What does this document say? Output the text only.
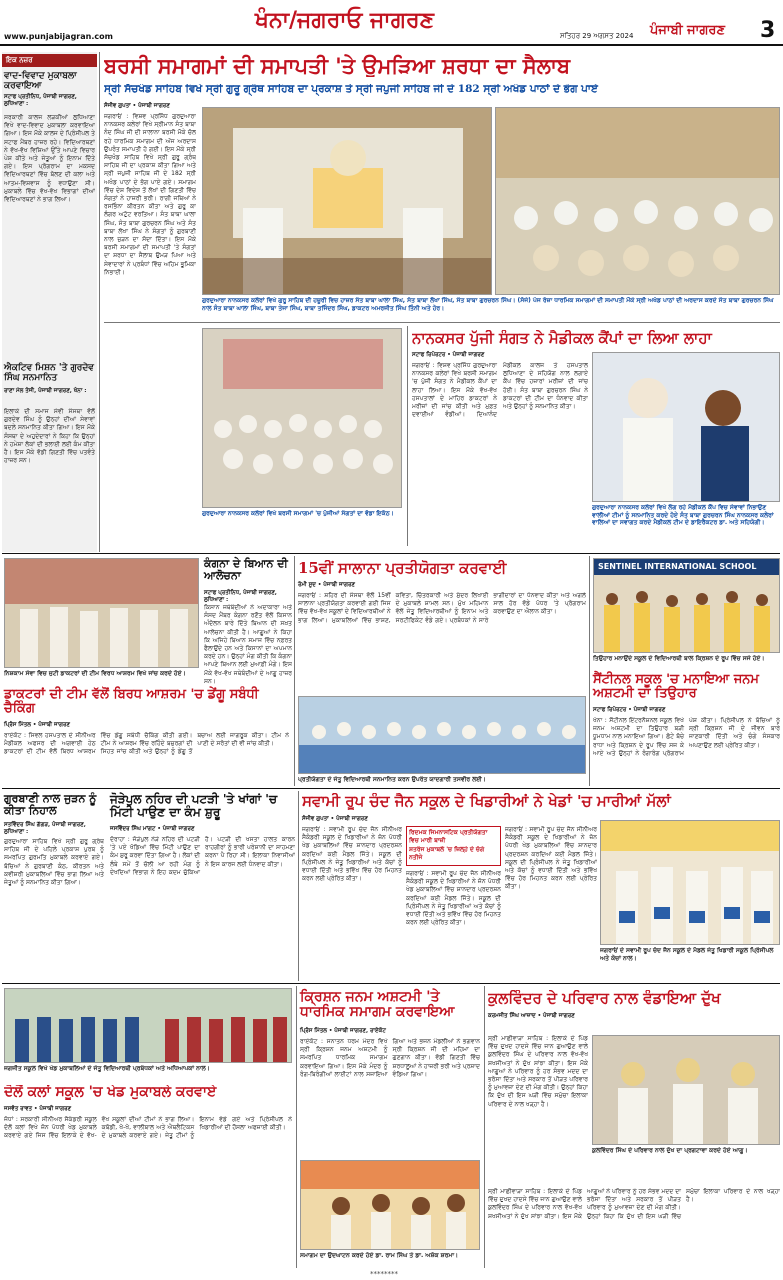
www.punjabijagran.com
ਖੰਨਾ/ਜਗਰਾਓ ਜਾਗਰਣ
ਸਤਿਹਰ 29 ਅਗਸਤ 2024 ਪੰਜਾਬੀ ਜਾਗਰਣ 3
ਇਕ ਨਜ਼ਰ
ਵਾਦ-ਵਿਵਾਦ ਮੁਕਾਬਲਾ ਕਰਵਾਇਆ
ਸਟਾਫ ਪ੍ਰਤੀਨਿਧ, ਪੰਜਾਬੀ ਜਾਗਰਣ, ਲੁਧਿਆਣਾ :
ਸਰਕਾਰੀ ਕਾਲਜ ਲੜਕੀਆਂ ਲੁਧਿਆਣਾ ਵਿਖੇ ਵਾਦ-ਵਿਵਾਦ ਮੁਕਾਬਲਾ ਕਰਵਾਇਆ ਗਿਆ। ਇਸ ਮੌਕੇ ਕਾਲਜ ਦੇ ਪ੍ਰਿੰਸੀਪਲ ਤੇ ਸਟਾਫ ਮੈਂਬਰ ਹਾਜ਼ਰ ਰਹੇ। ਵਿਦਿਆਰਥਣਾਂ ਨੇ ਵੱਖ-ਵੱਖ ਵਿਸ਼ਿਆਂ ਉੱਤੇ ਆਪਣੇ ਵਿਚਾਰ ਪੇਸ਼ ਕੀਤੇ ਅਤੇ ਜੇਤੂਆਂ ਨੂੰ ਇਨਾਮ ਦਿੱਤੇ ਗਏ। ਇਸ ਪ੍ਰੋਗਰਾਮ ਦਾ ਮਕਸਦ ਵਿਦਿਆਰਥਣਾਂ ਵਿੱਚ ਬੋਲਣ ਦੀ ਕਲਾ ਅਤੇ ਆਤਮ-ਵਿਸ਼ਵਾਸ ਨੂੰ ਵਧਾਉਣਾ ਸੀ। ਮੁਕਾਬਲੇ ਵਿੱਚ ਵੱਖ-ਵੱਖ ਵਿਭਾਗਾਂ ਦੀਆਂ ਵਿਦਿਆਰਥਣਾਂ ਨੇ ਭਾਗ ਲਿਆ।
ਐਕਟਿਵ ਮਿਸ਼ਨ 'ਤੇ ਗੁਰਦੇਵ ਸਿੰਘ ਸਨਮਾਨਿਤ
ਰਾਣਾ ਮੱਲ ਤੇਜੀ, ਪੰਜਾਬੀ ਜਾਗਰਣ, ਖੰਨਾ :
ਇਲਾਕੇ ਦੀ ਸਮਾਜ ਸੇਵੀ ਸੰਸਥਾ ਵੱਲੋਂ ਗੁਰਦੇਵ ਸਿੰਘ ਨੂੰ ਉਨ੍ਹਾਂ ਦੀਆਂ ਸੇਵਾਵਾਂ ਬਦਲੇ ਸਨਮਾਨਿਤ ਕੀਤਾ ਗਿਆ। ਇਸ ਮੌਕੇ ਸੰਸਥਾ ਦੇ ਅਹੁਦੇਦਾਰਾਂ ਨੇ ਕਿਹਾ ਕਿ ਉਨ੍ਹਾਂ ਨੇ ਹਮੇਸ਼ਾ ਲੋਕਾਂ ਦੀ ਭਲਾਈ ਲਈ ਕੰਮ ਕੀਤਾ ਹੈ। ਇਸ ਮੌਕੇ ਵੱਡੀ ਗਿਣਤੀ ਵਿੱਚ ਪਤਵੰਤੇ ਹਾਜ਼ਰ ਸਨ।
ਬਰਸੀ ਸਮਾਗਮਾਂ ਦੀ ਸਮਾਪਤੀ 'ਤੇ ਉਮੜਿਆ ਸ਼ਰਧਾ ਦਾ ਸੈਲਾਬ
ਸ੍ਰੀ ਸੱਚਖੰਡ ਸਾਹਿਬ ਵਿਖੇ ਸ੍ਰੀ ਗੁਰੂ ਗ੍ਰੰਥ ਸਾਹਿਬ ਦਾ ਪ੍ਰਕਾਸ਼ ਤੇ ਸ੍ਰੀ ਜਪੁਜੀ ਸਾਹਿਬ ਜੀ ਦੇ 182 ਸ੍ਰੀ ਅਖੰਡ ਪਾਠਾਂ ਦੇ ਭੋਗ ਪਾਏ
ਸੰਜੀਵ ਗੁਪਤਾ • ਪੰਜਾਬੀ ਜਾਗਰਣ
ਜਗਰਾਓਂ : ਵਿਸ਼ਵ ਪ੍ਰਸਿੱਧ ਗੁਰਦੁਆਰਾ ਨਾਨਕਸਰ ਕਲੇਰਾਂ ਵਿਖੇ ਸ੍ਰੀਮਾਨ ਸੰਤ ਬਾਬਾ ਨੰਦ ਸਿੰਘ ਜੀ ਦੀ ਸਾਲਾਨਾ ਬਰਸੀ ਮੌਕੇ ਚੱਲ ਰਹੇ ਧਾਰਮਿਕ ਸਮਾਗਮ ਦੀ ਅੱਜ ਅਰਦਾਸ ਉਪਰੰਤ ਸਮਾਪਤੀ ਹੋ ਗਈ। ਇਸ ਮੌਕੇ ਸ੍ਰੀ ਸੱਚਖੰਡ ਸਾਹਿਬ ਵਿਖੇ ਸ੍ਰੀ ਗੁਰੂ ਗ੍ਰੰਥ ਸਾਹਿਬ ਜੀ ਦਾ ਪ੍ਰਕਾਸ਼ ਕੀਤਾ ਗਿਆ ਅਤੇ ਸ੍ਰੀ ਜਪੁਜੀ ਸਾਹਿਬ ਜੀ ਦੇ 182 ਸ੍ਰੀ ਅਖੰਡ ਪਾਠਾਂ ਦੇ ਭੋਗ ਪਾਏ ਗਏ। ਸਮਾਗਮ ਵਿੱਚ ਦੇਸ਼ ਵਿਦੇਸ਼ ਤੋਂ ਲੱਖਾਂ ਦੀ ਗਿਣਤੀ ਵਿੱਚ ਸੰਗਤਾਂ ਨੇ ਹਾਜ਼ਰੀ ਭਰੀ। ਰਾਗੀ ਜਥਿਆਂ ਨੇ ਰਸਭਿੰਨਾ ਕੀਰਤਨ ਕੀਤਾ ਅਤੇ ਗੁਰੂ ਕਾ ਲੰਗਰ ਅਟੁੱਟ ਵਰਤਿਆ। ਸੰਤ ਬਾਬਾ ਘਾਲਾ ਸਿੰਘ, ਸੰਤ ਬਾਬਾ ਗੁਰਚਰਨ ਸਿੰਘ ਅਤੇ ਸੰਤ ਬਾਬਾ ਲੱਖਾ ਸਿੰਘ ਨੇ ਸੰਗਤਾਂ ਨੂੰ ਗੁਰਬਾਣੀ ਨਾਲ ਜੁੜਨ ਦਾ ਸੱਦਾ ਦਿੱਤਾ। ਇਸ ਮੌਕੇ ਬਰਸੀ ਸਮਾਗਮਾਂ ਦੀ ਸਮਾਪਤੀ 'ਤੇ ਸੰਗਤਾਂ ਦਾ ਸ਼ਰਧਾ ਦਾ ਸੈਲਾਬ ਉਮੜ ਪਿਆ ਅਤੇ ਸੇਵਾਦਾਰਾਂ ਨੇ ਪ੍ਰਬੰਧਾਂ ਵਿੱਚ ਅਹਿਮ ਭੂਮਿਕਾ ਨਿਭਾਈ।
ਗੁਰਦੁਆਰਾ ਨਾਨਕਸਰ ਕਲੇਰਾਂ ਵਿਖੇ ਗੁਰੂ ਸਾਹਿਬ ਦੀ ਹਜ਼ੂਰੀ ਵਿਚ ਹਾਜ਼ਰ ਸੰਤ ਬਾਬਾ ਘਾਲਾ ਸਿੰਘ, ਸੰਤ ਬਾਬਾ ਲੱਖਾ ਸਿੰਘ, ਸੰਤ ਬਾਬਾ ਗੁਰਚਰਨ ਸਿੰਘ। (ਸੱਜੇ) ਪੰਜ ਰੋਜ਼ਾ ਧਾਰਮਿਕ ਸਮਾਗਮਾਂ ਦੀ ਸਮਾਪਤੀ ਮੌਕੇ ਸ੍ਰੀ ਅਖੰਡ ਪਾਠਾਂ ਦੀ ਅਰਦਾਸ ਕਰਦੇ ਸੰਤ ਬਾਬਾ ਗੁਰਚਰਨ ਸਿੰਘ ਨਾਲ ਸੰਤ ਬਾਬਾ ਘਾਲਾ ਸਿੰਘ, ਬਾਬਾ ਤੇਜਾ ਸਿੰਘ, ਬਾਬਾ ਤਜਿੰਦਰ ਸਿੰਘ, ਡਾਕਟਰ ਅਮਰਜੀਤ ਸਿੰਘ ਤਿੰਨੀ ਅਤੇ ਹੋਰ।
ਗੁਰਦੁਆਰਾ ਨਾਨਕਸਰ ਕਲੇਰਾਂ ਵਿਖੇ ਬਰਸੀ ਸਮਾਗਮਾਂ 'ਚ ਪੁੱਜੀਆਂ ਸੰਗਤਾਂ ਦਾ ਵੱਡਾ ਇਕੱਠ।
ਨਾਨਕਸਰ ਪੁੱਜੀ ਸੰਗਤ ਨੇ ਮੈਡੀਕਲ ਕੈਂਪਾਂ ਦਾ ਲਿਆ ਲਾਹਾ
ਸਟਾਫ ਰਿਪੋਰਟਰ • ਪੰਜਾਬੀ ਜਾਗਰਣ
ਜਗਰਾਓਂ : ਵਿਸ਼ਵ ਪ੍ਰਸਿੱਧ ਗੁਰਦੁਆਰਾ ਨਾਨਕਸਰ ਕਲੇਰਾਂ ਵਿਖੇ ਬਰਸੀ ਸਮਾਗਮ 'ਚ ਪੁੱਜੀ ਸੰਗਤ ਨੇ ਮੈਡੀਕਲ ਕੈਂਪਾਂ ਦਾ ਲਾਹਾ ਲਿਆ। ਇਸ ਮੌਕੇ ਵੱਖ-ਵੱਖ ਹਸਪਤਾਲਾਂ ਦੇ ਮਾਹਿਰ ਡਾਕਟਰਾਂ ਨੇ ਮਰੀਜ਼ਾਂ ਦੀ ਜਾਂਚ ਕੀਤੀ ਅਤੇ ਮੁਫ਼ਤ ਦਵਾਈਆਂ ਵੰਡੀਆਂ। ਦਿਆਨੰਦ ਮੈਡੀਕਲ ਕਾਲਜ ਤੇ ਹਸਪਤਾਲ ਲੁਧਿਆਣਾ ਦੇ ਸਹਿਯੋਗ ਨਾਲ ਲਗਾਏ ਕੈਂਪ ਵਿੱਚ ਹਜ਼ਾਰਾਂ ਮਰੀਜ਼ਾਂ ਦੀ ਜਾਂਚ ਹੋਈ। ਸੰਤ ਬਾਬਾ ਗੁਰਚਰਨ ਸਿੰਘ ਨੇ ਡਾਕਟਰਾਂ ਦੀ ਟੀਮ ਦਾ ਧੰਨਵਾਦ ਕੀਤਾ ਅਤੇ ਉਨ੍ਹਾਂ ਨੂੰ ਸਨਮਾਨਿਤ ਕੀਤਾ।
ਗੁਰਦੁਆਰਾ ਨਾਨਕਸਰ ਕਲੇਰਾਂ ਵਿਖੇ ਲੱਗ ਰਹੇ ਮੈਡੀਕਲ ਕੈਂਪ ਵਿਚ ਸੇਵਾਵਾਂ ਨਿਭਾਉਣ ਵਾਲੀਆਂ ਟੀਮਾਂ ਨੂੰ ਸਨਮਾਨਿਤ ਕਰਦੇ ਹੋਏ ਸੰਤ ਬਾਬਾ ਗੁਰਚਰਨ ਸਿੰਘ ਨਾਨਕਸਰ ਕਲੇਰਾਂ ਵਾਲਿਆਂ ਦਾ ਸਵਾਗਤ ਕਰਦੇ ਮੈਡੀਕਲ ਟੀਮ ਦੇ ਡਾਇਰੈਕਟਰ ਡਾ. ਅਤੇ ਸਹਿਯੋਗੀ।
ਨਿਸ਼ਕਾਮ ਸੇਵਾ ਵਿਚ ਜੁਟੀ ਡਾਕਟਰਾਂ ਦੀ ਟੀਮ ਵਿਰਧ ਆਸ਼ਰਮ ਵਿਖੇ ਜਾਂਚ ਕਰਦੇ ਹੋਏ।
ਡਾਕਟਰਾਂ ਦੀ ਟੀਮ ਵੱਲੋਂ ਬਿਰਧ ਆਸ਼ਰਮ 'ਚ ਡੇਂਗੂ ਸਬੰਧੀ ਚੈਕਿੰਗ
ਪ੍ਰਿੰਸ ਮਿੱਤਲ • ਪੰਜਾਬੀ ਜਾਗਰਣ
ਰਾਏਕੋਟ : ਸਿਵਲ ਹਸਪਤਾਲ ਦੇ ਸੀਨੀਅਰ ਮੈਡੀਕਲ ਅਫਸਰ ਦੀ ਅਗਵਾਈ ਹੇਠ ਡਾਕਟਰਾਂ ਦੀ ਟੀਮ ਵੱਲੋਂ ਬਿਰਧ ਆਸ਼ਰਮ ਵਿੱਚ ਡੇਂਗੂ ਸਬੰਧੀ ਚੈਕਿੰਗ ਕੀਤੀ ਗਈ। ਟੀਮ ਨੇ ਆਸ਼ਰਮ ਵਿੱਚ ਰਹਿੰਦੇ ਬਜ਼ੁਰਗਾਂ ਦੀ ਸਿਹਤ ਜਾਂਚ ਕੀਤੀ ਅਤੇ ਉਨ੍ਹਾਂ ਨੂੰ ਡੇਂਗੂ ਤੋਂ ਬਚਾਅ ਲਈ ਜਾਗਰੂਕ ਕੀਤਾ। ਟੀਮ ਨੇ ਪਾਣੀ ਦੇ ਸਰੋਤਾਂ ਦੀ ਵੀ ਜਾਂਚ ਕੀਤੀ।
ਕੰਗਨਾ ਦੇ ਬਿਆਨ ਦੀ ਆਲੋਚਨਾ
ਸਟਾਫ ਪ੍ਰਤੀਨਿਧ, ਪੰਜਾਬੀ ਜਾਗਰਣ, ਲੁਧਿਆਣਾ :
ਕਿਸਾਨ ਜਥੇਬੰਦੀਆਂ ਨੇ ਅਦਾਕਾਰਾ ਅਤੇ ਸੰਸਦ ਮੈਂਬਰ ਕੰਗਨਾ ਰਣੌਤ ਵੱਲੋਂ ਕਿਸਾਨ ਅੰਦੋਲਨ ਬਾਰੇ ਦਿੱਤੇ ਬਿਆਨ ਦੀ ਸਖ਼ਤ ਆਲੋਚਨਾ ਕੀਤੀ ਹੈ। ਆਗੂਆਂ ਨੇ ਕਿਹਾ ਕਿ ਅਜਿਹੇ ਬਿਆਨ ਸਮਾਜ ਵਿੱਚ ਨਫ਼ਰਤ ਫੈਲਾਉਂਦੇ ਹਨ ਅਤੇ ਕਿਸਾਨਾਂ ਦਾ ਅਪਮਾਨ ਕਰਦੇ ਹਨ। ਉਨ੍ਹਾਂ ਮੰਗ ਕੀਤੀ ਕਿ ਕੰਗਨਾ ਆਪਣੇ ਬਿਆਨ ਲਈ ਮੁਆਫ਼ੀ ਮੰਗੇ। ਇਸ ਮੌਕੇ ਵੱਖ-ਵੱਖ ਜਥੇਬੰਦੀਆਂ ਦੇ ਆਗੂ ਹਾਜ਼ਰ ਸਨ।
15ਵੀਂ ਸਾਲਾਨਾ ਪ੍ਰਤੀਯੋਗਤਾ ਕਰਵਾਈ
ਰੋਮੀ ਸੂਦ • ਪੰਜਾਬੀ ਜਾਗਰਣ
ਜਗਰਾਓਂ : ਸ਼ਹਿਰ ਦੀ ਸੰਸਥਾ ਵੱਲੋਂ 15ਵੀਂ ਸਾਲਾਨਾ ਪ੍ਰਤੀਯੋਗਤਾ ਕਰਵਾਈ ਗਈ ਜਿਸ ਵਿੱਚ ਵੱਖ-ਵੱਖ ਸਕੂਲਾਂ ਦੇ ਵਿਦਿਆਰਥੀਆਂ ਨੇ ਭਾਗ ਲਿਆ। ਮੁਕਾਬਲਿਆਂ ਵਿੱਚ ਭਾਸ਼ਣ, ਕਵਿਤਾ, ਚਿੱਤਰਕਾਰੀ ਅਤੇ ਸੁੰਦਰ ਲਿਖਾਈ ਦੇ ਮੁਕਾਬਲੇ ਸ਼ਾਮਲ ਸਨ। ਮੁੱਖ ਮਹਿਮਾਨ ਵੱਲੋਂ ਜੇਤੂ ਵਿਦਿਆਰਥੀਆਂ ਨੂੰ ਇਨਾਮ ਅਤੇ ਸਰਟੀਫਿਕੇਟ ਵੰਡੇ ਗਏ। ਪ੍ਰਬੰਧਕਾਂ ਨੇ ਸਾਰੇ ਭਾਗੀਦਾਰਾਂ ਦਾ ਧੰਨਵਾਦ ਕੀਤਾ ਅਤੇ ਅਗਲੇ ਸਾਲ ਹੋਰ ਵੱਡੇ ਪੱਧਰ 'ਤੇ ਪ੍ਰੋਗਰਾਮ ਕਰਵਾਉਣ ਦਾ ਐਲਾਨ ਕੀਤਾ।
ਪ੍ਰਤੀਯੋਗਤਾ ਦੇ ਜੇਤੂ ਵਿਦਿਆਰਥੀ ਸਨਮਾਨਿਤ ਕਰਨ ਉਪਰੰਤ ਯਾਦਗਾਰੀ ਤਸਵੀਰ ਲਈ।
SENTINEL INTERNATIONAL SCHOOL
ਤਿਉਹਾਰ ਮਨਾਉਂਦੇ ਸਕੂਲ ਦੇ ਵਿਦਿਆਰਥੀ ਬਾਲ ਕ੍ਰਿਸ਼ਨ ਦੇ ਰੂਪ ਵਿੱਚ ਸਜੇ ਹੋਏ।
ਸੈਂਟੀਨਲ ਸਕੂਲ 'ਚ ਮਨਾਇਆ ਜਨਮ ਅਸ਼ਟਮੀ ਦਾ ਤਿਉਹਾਰ
ਸਟਾਫ ਰਿਪੋਰਟਰ • ਪੰਜਾਬੀ ਜਾਗਰਣ
ਖੰਨਾ : ਸੈਂਟੀਨਲ ਇੰਟਰਨੈਸ਼ਨਲ ਸਕੂਲ ਵਿਖੇ ਜਨਮ ਅਸ਼ਟਮੀ ਦਾ ਤਿਉਹਾਰ ਬੜੀ ਧੂਮਧਾਮ ਨਾਲ ਮਨਾਇਆ ਗਿਆ। ਛੋਟੇ ਬੱਚੇ ਰਾਧਾ ਅਤੇ ਕ੍ਰਿਸ਼ਨ ਦੇ ਰੂਪ ਵਿੱਚ ਸਜ ਕੇ ਆਏ ਅਤੇ ਉਨ੍ਹਾਂ ਨੇ ਰੰਗਾਰੰਗ ਪ੍ਰੋਗਰਾਮ ਪੇਸ਼ ਕੀਤਾ। ਪ੍ਰਿੰਸੀਪਲ ਨੇ ਬੱਚਿਆਂ ਨੂੰ ਸ੍ਰੀ ਕ੍ਰਿਸ਼ਨ ਜੀ ਦੇ ਜੀਵਨ ਬਾਰੇ ਜਾਣਕਾਰੀ ਦਿੱਤੀ ਅਤੇ ਚੰਗੇ ਸੰਸਕਾਰ ਅਪਣਾਉਣ ਲਈ ਪ੍ਰੇਰਿਤ ਕੀਤਾ।
ਗੁਰਬਾਣੀ ਨਾਲ ਜੁੜਨ ਨੂੰ ਕੀਤਾ ਨਿਹਾਲ
ਸਤਵਿੰਦਰ ਸਿੰਘ ਗੱਗੜ, ਪੰਜਾਬੀ ਜਾਗਰਣ, ਲੁਧਿਆਣਾ :
ਗੁਰਦੁਆਰਾ ਸਾਹਿਬ ਵਿਖੇ ਸ੍ਰੀ ਗੁਰੂ ਗ੍ਰੰਥ ਸਾਹਿਬ ਜੀ ਦੇ ਪਹਿਲੇ ਪ੍ਰਕਾਸ਼ ਪੁਰਬ ਨੂੰ ਸਮਰਪਿਤ ਗੁਰਮਤਿ ਮੁਕਾਬਲੇ ਕਰਵਾਏ ਗਏ। ਬੱਚਿਆਂ ਨੇ ਗੁਰਬਾਣੀ ਕੰਠ, ਕੀਰਤਨ ਅਤੇ ਕਵੀਸ਼ਰੀ ਮੁਕਾਬਲਿਆਂ ਵਿੱਚ ਭਾਗ ਲਿਆ ਅਤੇ ਜੇਤੂਆਂ ਨੂੰ ਸਨਮਾਨਿਤ ਕੀਤਾ ਗਿਆ।
ਜੋੜੇਪੁਲ ਨਹਿਰ ਦੀ ਪਟੜੀ 'ਤੇ ਖਾਂਗਾਂ 'ਚ ਮਿੱਟੀ ਪਾਉਣ ਦਾ ਕੰਮ ਸ਼ੁਰੂ
ਜਸਵਿੰਦਰ ਸਿੰਘ ਮਾਂਗਟ • ਪੰਜਾਬੀ ਜਾਗਰਣ
ਦੋਰਾਹਾ : ਜੋੜੇਪੁਲ ਨੇੜੇ ਨਹਿਰ ਦੀ ਪਟੜੀ 'ਤੇ ਪਏ ਖੱਡਿਆਂ ਵਿੱਚ ਮਿੱਟੀ ਪਾਉਣ ਦਾ ਕੰਮ ਸ਼ੁਰੂ ਕਰਵਾ ਦਿੱਤਾ ਗਿਆ ਹੈ। ਲੋਕਾਂ ਦੀ ਲੰਬੇ ਸਮੇਂ ਤੋਂ ਚੱਲੀ ਆ ਰਹੀ ਮੰਗ ਨੂੰ ਦੇਖਦਿਆਂ ਵਿਭਾਗ ਨੇ ਇਹ ਕਦਮ ਚੁੱਕਿਆ ਹੈ। ਪਟੜੀ ਦੀ ਖਸਤਾ ਹਾਲਤ ਕਾਰਨ ਰਾਹਗੀਰਾਂ ਨੂੰ ਭਾਰੀ ਪਰੇਸ਼ਾਨੀ ਦਾ ਸਾਹਮਣਾ ਕਰਨਾ ਪੈ ਰਿਹਾ ਸੀ। ਇਲਾਕਾ ਨਿਵਾਸੀਆਂ ਨੇ ਇਸ ਕਾਰਜ ਲਈ ਧੰਨਵਾਦ ਕੀਤਾ।
ਸਵਾਮੀ ਰੂਪ ਚੰਦ ਜੈਨ ਸਕੂਲ ਦੇ ਖਿਡਾਰੀਆਂ ਨੇ ਖੇਡਾਂ 'ਚ ਮਾਰੀਆਂ ਮੱਲਾਂ
ਸੰਜੀਵ ਗੁਪਤਾ • ਪੰਜਾਬੀ ਜਾਗਰਣ
ਜਗਰਾਓਂ : ਸਵਾਮੀ ਰੂਪ ਚੰਦ ਜੈਨ ਸੀਨੀਅਰ ਸੈਕੰਡਰੀ ਸਕੂਲ ਦੇ ਖਿਡਾਰੀਆਂ ਨੇ ਜ਼ੋਨ ਪੱਧਰੀ ਖੇਡ ਮੁਕਾਬਲਿਆਂ ਵਿੱਚ ਸ਼ਾਨਦਾਰ ਪ੍ਰਦਰਸ਼ਨ ਕਰਦਿਆਂ ਕਈ ਮੈਡਲ ਜਿੱਤੇ। ਸਕੂਲ ਦੀ ਪ੍ਰਿੰਸੀਪਲ ਨੇ ਜੇਤੂ ਖਿਡਾਰੀਆਂ ਅਤੇ ਕੋਚਾਂ ਨੂੰ ਵਧਾਈ ਦਿੱਤੀ ਅਤੇ ਭਵਿੱਖ ਵਿੱਚ ਹੋਰ ਮਿਹਨਤ ਕਰਨ ਲਈ ਪ੍ਰੇਰਿਤ ਕੀਤਾ।
ਰਿਦਮਕ ਜਿਮਨਾਸਟਿਕ ਪ੍ਰਤੀਯੋਗਤਾ ਵਿਚ ਮਾਰੀ ਬਾਜ਼ੀ
ਸ਼ਤਰੰਜ ਮੁਕਾਬਲੇ 'ਚ ਜ਼ਿਲ੍ਹੇ ਦੇ ਚੰਗੇ ਨਤੀਜੇ
ਜਗਰਾਓਂ : ਸਵਾਮੀ ਰੂਪ ਚੰਦ ਜੈਨ ਸੀਨੀਅਰ ਸੈਕੰਡਰੀ ਸਕੂਲ ਦੇ ਖਿਡਾਰੀਆਂ ਨੇ ਜ਼ੋਨ ਪੱਧਰੀ ਖੇਡ ਮੁਕਾਬਲਿਆਂ ਵਿੱਚ ਸ਼ਾਨਦਾਰ ਪ੍ਰਦਰਸ਼ਨ ਕਰਦਿਆਂ ਕਈ ਮੈਡਲ ਜਿੱਤੇ। ਸਕੂਲ ਦੀ ਪ੍ਰਿੰਸੀਪਲ ਨੇ ਜੇਤੂ ਖਿਡਾਰੀਆਂ ਅਤੇ ਕੋਚਾਂ ਨੂੰ ਵਧਾਈ ਦਿੱਤੀ ਅਤੇ ਭਵਿੱਖ ਵਿੱਚ ਹੋਰ ਮਿਹਨਤ ਕਰਨ ਲਈ ਪ੍ਰੇਰਿਤ ਕੀਤਾ।
ਜਗਰਾਓਂ : ਸਵਾਮੀ ਰੂਪ ਚੰਦ ਜੈਨ ਸੀਨੀਅਰ ਸੈਕੰਡਰੀ ਸਕੂਲ ਦੇ ਖਿਡਾਰੀਆਂ ਨੇ ਜ਼ੋਨ ਪੱਧਰੀ ਖੇਡ ਮੁਕਾਬਲਿਆਂ ਵਿੱਚ ਸ਼ਾਨਦਾਰ ਪ੍ਰਦਰਸ਼ਨ ਕਰਦਿਆਂ ਕਈ ਮੈਡਲ ਜਿੱਤੇ। ਸਕੂਲ ਦੀ ਪ੍ਰਿੰਸੀਪਲ ਨੇ ਜੇਤੂ ਖਿਡਾਰੀਆਂ ਅਤੇ ਕੋਚਾਂ ਨੂੰ ਵਧਾਈ ਦਿੱਤੀ ਅਤੇ ਭਵਿੱਖ ਵਿੱਚ ਹੋਰ ਮਿਹਨਤ ਕਰਨ ਲਈ ਪ੍ਰੇਰਿਤ ਕੀਤਾ।
ਜਗਰਾਓਂ ਦੇ ਸਵਾਮੀ ਰੂਪ ਚੰਦ ਜੈਨ ਸਕੂਲ ਦੇ ਮੈਡਲ ਜੇਤੂ ਖਿਡਾਰੀ ਸਕੂਲ ਪ੍ਰਿੰਸੀਪਲ ਅਤੇ ਕੋਚਾਂ ਨਾਲ।
ਜਗਜੀਤ ਸਕੂਲ ਵਿਖੇ ਖੇਡ ਮੁਕਾਬਲਿਆਂ ਦੇ ਜੇਤੂ ਵਿਦਿਆਰਥੀ ਪ੍ਰਬੰਧਕਾਂ ਅਤੇ ਅਧਿਆਪਕਾਂ ਨਾਲ।
ਦੋਲੋਂ ਕਲਾਂ ਸਕੂਲ 'ਚ ਖੇਡ ਮੁਕਾਬਲੇ ਕਰਵਾਏ
ਜਸਵੰਤ ਰਾਵਤ • ਪੰਜਾਬੀ ਜਾਗਰਣ
ਜੋਧਾਂ : ਸਰਕਾਰੀ ਸੀਨੀਅਰ ਸੈਕੰਡਰੀ ਸਕੂਲ ਦੋਲੋਂ ਕਲਾਂ ਵਿਖੇ ਜ਼ੋਨ ਪੱਧਰੀ ਖੇਡ ਮੁਕਾਬਲੇ ਕਰਵਾਏ ਗਏ ਜਿਸ ਵਿੱਚ ਇਲਾਕੇ ਦੇ ਵੱਖ-ਵੱਖ ਸਕੂਲਾਂ ਦੀਆਂ ਟੀਮਾਂ ਨੇ ਭਾਗ ਲਿਆ। ਕਬੱਡੀ, ਖੋ-ਖੋ, ਵਾਲੀਬਾਲ ਅਤੇ ਐਥਲੈਟਿਕਸ ਦੇ ਮੁਕਾਬਲੇ ਕਰਵਾਏ ਗਏ। ਜੇਤੂ ਟੀਮਾਂ ਨੂੰ ਇਨਾਮ ਵੰਡੇ ਗਏ ਅਤੇ ਪ੍ਰਿੰਸੀਪਲ ਨੇ ਖਿਡਾਰੀਆਂ ਦੀ ਹੌਸਲਾ ਅਫਜ਼ਾਈ ਕੀਤੀ।
ਕ੍ਰਿਸ਼ਨ ਜਨਮ ਅਸ਼ਟਮੀ 'ਤੇ ਧਾਰਮਿਕ ਸਮਾਗਮ ਕਰਵਾਇਆ
ਪ੍ਰਿੰਸ ਮਿੱਤਲ • ਪੰਜਾਬੀ ਜਾਗਰਣ, ਰਾਏਕੋਟ
ਰਾਏਕੋਟ : ਸਨਾਤਨ ਧਰਮ ਮੰਦਰ ਵਿਖੇ ਸ੍ਰੀ ਕ੍ਰਿਸ਼ਨ ਜਨਮ ਅਸ਼ਟਮੀ ਨੂੰ ਸਮਰਪਿਤ ਧਾਰਮਿਕ ਸਮਾਗਮ ਕਰਵਾਇਆ ਗਿਆ। ਇਸ ਮੌਕੇ ਮੰਦਰ ਨੂੰ ਰੰਗ-ਬਿਰੰਗੀਆਂ ਲਾਈਟਾਂ ਨਾਲ ਸਜਾਇਆ ਗਿਆ ਅਤੇ ਭਜਨ ਮੰਡਲੀਆਂ ਨੇ ਭਗਵਾਨ ਸ੍ਰੀ ਕ੍ਰਿਸ਼ਨ ਜੀ ਦੀ ਮਹਿਮਾ ਦਾ ਗੁਣਗਾਨ ਕੀਤਾ। ਵੱਡੀ ਗਿਣਤੀ ਵਿੱਚ ਸ਼ਰਧਾਲੂਆਂ ਨੇ ਹਾਜ਼ਰੀ ਭਰੀ ਅਤੇ ਪ੍ਰਸ਼ਾਦ ਵੰਡਿਆ ਗਿਆ।
ਸਮਾਗਮ ਦਾ ਉਦਘਾਟਨ ਕਰਦੇ ਹੋਏ ਡਾ. ਰਾਮ ਸਿੰਘ ਤੇ ਡਾ. ਅਸ਼ੋਕ ਸ਼ਰਮਾ।
ਕੁਲਵਿੰਦਰ ਦੇ ਪਰਿਵਾਰ ਨਾਲ ਵੰਡਾਇਆ ਦੁੱਖ
ਕਰਮਜੀਤ ਸਿੰਘ ਆਜ਼ਾਦ • ਪੰਜਾਬੀ ਜਾਗਰਣ
ਸ੍ਰੀ ਮਾਛੀਵਾੜਾ ਸਾਹਿਬ : ਇਲਾਕੇ ਦੇ ਪਿੰਡ ਵਿੱਚ ਦੁਖਦ ਹਾਦਸੇ ਵਿੱਚ ਜਾਨ ਗੁਆਉਣ ਵਾਲੇ ਕੁਲਵਿੰਦਰ ਸਿੰਘ ਦੇ ਪਰਿਵਾਰ ਨਾਲ ਵੱਖ-ਵੱਖ ਸ਼ਖਸੀਅਤਾਂ ਨੇ ਦੁੱਖ ਸਾਂਝਾ ਕੀਤਾ। ਇਸ ਮੌਕੇ ਆਗੂਆਂ ਨੇ ਪਰਿਵਾਰ ਨੂੰ ਹਰ ਸੰਭਵ ਮਦਦ ਦਾ ਭਰੋਸਾ ਦਿੱਤਾ ਅਤੇ ਸਰਕਾਰ ਤੋਂ ਪੀੜਤ ਪਰਿਵਾਰ ਨੂੰ ਮੁਆਵਜ਼ਾ ਦੇਣ ਦੀ ਮੰਗ ਕੀਤੀ। ਉਨ੍ਹਾਂ ਕਿਹਾ ਕਿ ਦੁੱਖ ਦੀ ਇਸ ਘੜੀ ਵਿੱਚ ਸਮੁੱਚਾ ਇਲਾਕਾ ਪਰਿਵਾਰ ਦੇ ਨਾਲ ਖੜ੍ਹਾ ਹੈ।
ਕੁਲਵਿੰਦਰ ਸਿੰਘ ਦੇ ਪਰਿਵਾਰ ਨਾਲ ਦੁੱਖ ਦਾ ਪ੍ਰਗਟਾਵਾ ਕਰਦੇ ਹੋਏ ਆਗੂ।
ਸ੍ਰੀ ਮਾਛੀਵਾੜਾ ਸਾਹਿਬ : ਇਲਾਕੇ ਦੇ ਪਿੰਡ ਵਿੱਚ ਦੁਖਦ ਹਾਦਸੇ ਵਿੱਚ ਜਾਨ ਗੁਆਉਣ ਵਾਲੇ ਕੁਲਵਿੰਦਰ ਸਿੰਘ ਦੇ ਪਰਿਵਾਰ ਨਾਲ ਵੱਖ-ਵੱਖ ਸ਼ਖਸੀਅਤਾਂ ਨੇ ਦੁੱਖ ਸਾਂਝਾ ਕੀਤਾ। ਇਸ ਮੌਕੇ ਆਗੂਆਂ ਨੇ ਪਰਿਵਾਰ ਨੂੰ ਹਰ ਸੰਭਵ ਮਦਦ ਦਾ ਭਰੋਸਾ ਦਿੱਤਾ ਅਤੇ ਸਰਕਾਰ ਤੋਂ ਪੀੜਤ ਪਰਿਵਾਰ ਨੂੰ ਮੁਆਵਜ਼ਾ ਦੇਣ ਦੀ ਮੰਗ ਕੀਤੀ। ਉਨ੍ਹਾਂ ਕਿਹਾ ਕਿ ਦੁੱਖ ਦੀ ਇਸ ਘੜੀ ਵਿੱਚ ਸਮੁੱਚਾ ਇਲਾਕਾ ਪਰਿਵਾਰ ਦੇ ਨਾਲ ਖੜ੍ਹਾ ਹੈ।
********
